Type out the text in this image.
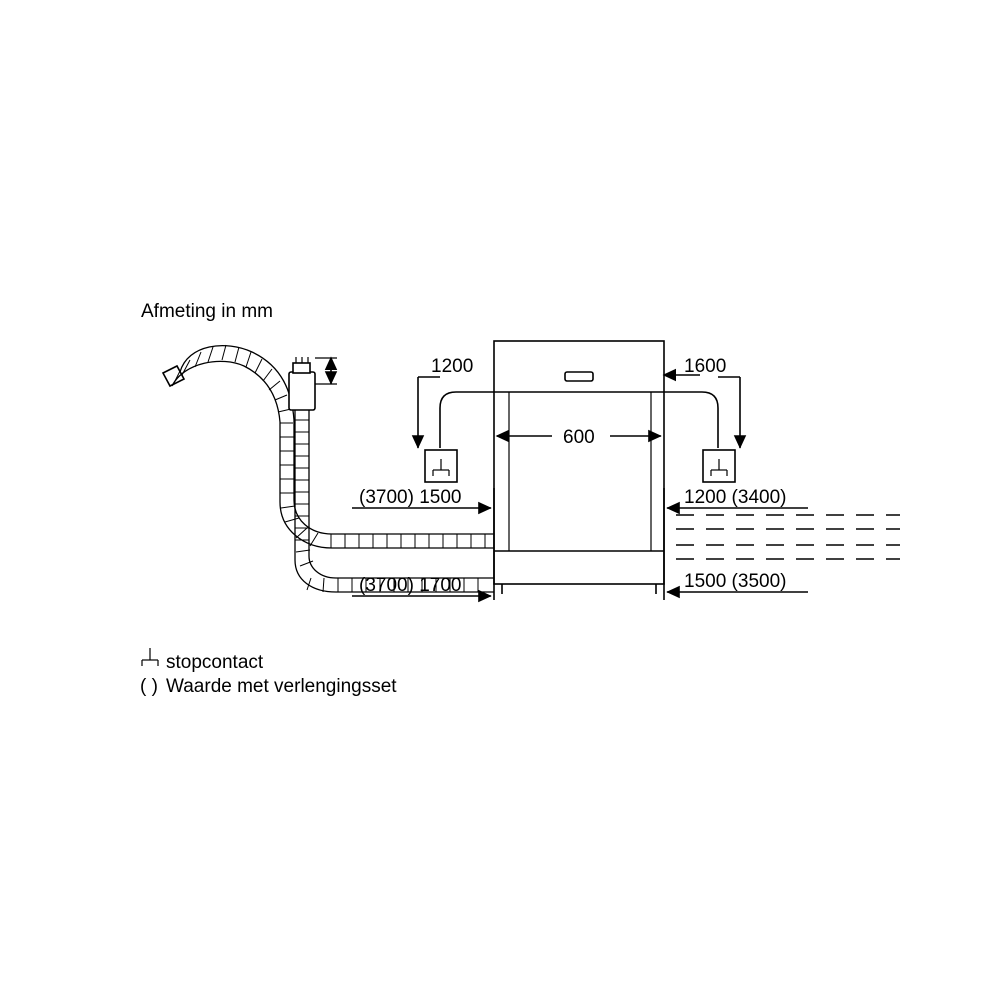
Afmeting in mm
600
1200	1600
(3700) 1500
(3700) 1700
1200 (3400)
1500 (3500)
stopcontact
( ) Waarde met verlengingsset
